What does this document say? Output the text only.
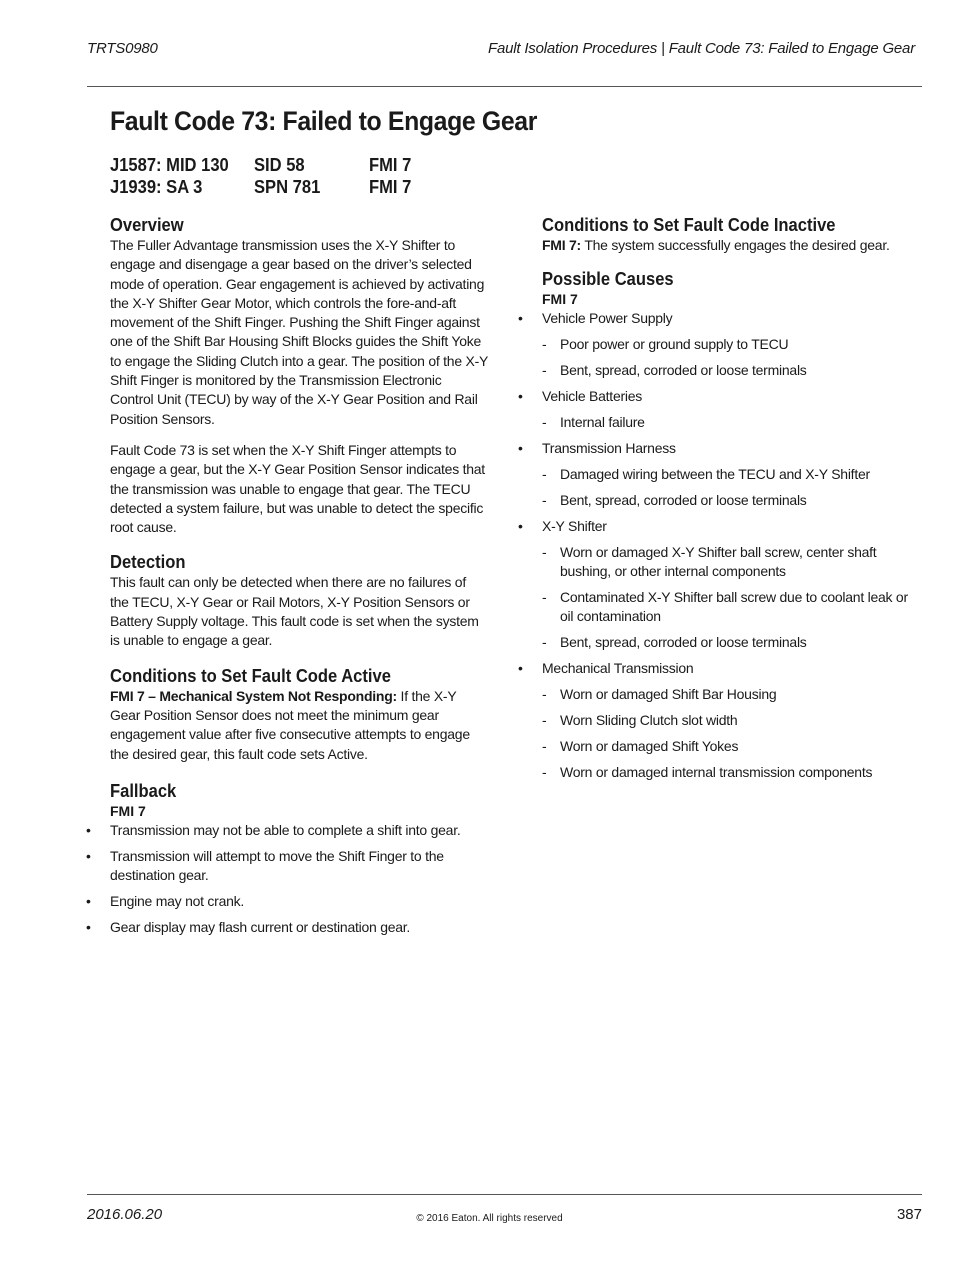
TRTS0980	Fault Isolation Procedures | Fault Code 73: Failed to Engage Gear
Fault Code 73: Failed to Engage Gear
J1587: MID 130	SID 58	FMI 7
J1939: SA 3	SPN 781	FMI 7
Overview

The Fuller Advantage transmission uses the X-Y Shifter to engage and disengage a gear based on the driver’s selected mode of operation. Gear engagement is achieved by activating the X-Y Shifter Gear Motor, which controls the fore-and-aft movement of the Shift Finger. Pushing the Shift Finger against one of the Shift Bar Housing Shift Blocks guides the Shift Yoke to engage the Sliding Clutch into a gear. The position of the X-Y Shift Finger is monitored by the Transmission Electronic Control Unit (TECU) by way of the X-Y Gear Position and Rail Position Sensors.

Fault Code 73 is set when the X-Y Shift Finger attempts to engage a gear, but the X-Y Gear Position Sensor indicates that the transmission was unable to engage that gear. The TECU detected a system failure, but was unable to detect the specific root cause.

Detection

This fault can only be detected when there are no failures of the TECU, X-Y Gear or Rail Motors, X-Y Position Sensors or Battery Supply voltage. This fault code is set when the system is unable to engage a gear.

Conditions to Set Fault Code Active

FMI 7 – Mechanical System Not Responding: If the X-Y Gear Position Sensor does not meet the minimum gear engagement value after five consecutive attempts to engage the desired gear, this fault code sets Active.

Fallback
FMI 7
• Transmission may not be able to complete a shift into gear.
• Transmission will attempt to move the Shift Finger to the destination gear.
• Engine may not crank.
• Gear display may flash current or destination gear.
Conditions to Set Fault Code Inactive

FMI 7: The system successfully engages the desired gear.

Possible Causes
FMI 7
• Vehicle Power Supply
- Poor power or ground supply to TECU
- Bent, spread, corroded or loose terminals
• Vehicle Batteries
- Internal failure
• Transmission Harness
- Damaged wiring between the TECU and X-Y Shifter
- Bent, spread, corroded or loose terminals
• X-Y Shifter
- Worn or damaged X-Y Shifter ball screw, center shaft bushing, or other internal components
- Contaminated X-Y Shifter ball screw due to coolant leak or oil contamination
- Bent, spread, corroded or loose terminals
• Mechanical Transmission
- Worn or damaged Shift Bar Housing
- Worn Sliding Clutch slot width
- Worn or damaged Shift Yokes
- Worn or damaged internal transmission components
2016.06.20	© 2016 Eaton. All rights reserved	387
